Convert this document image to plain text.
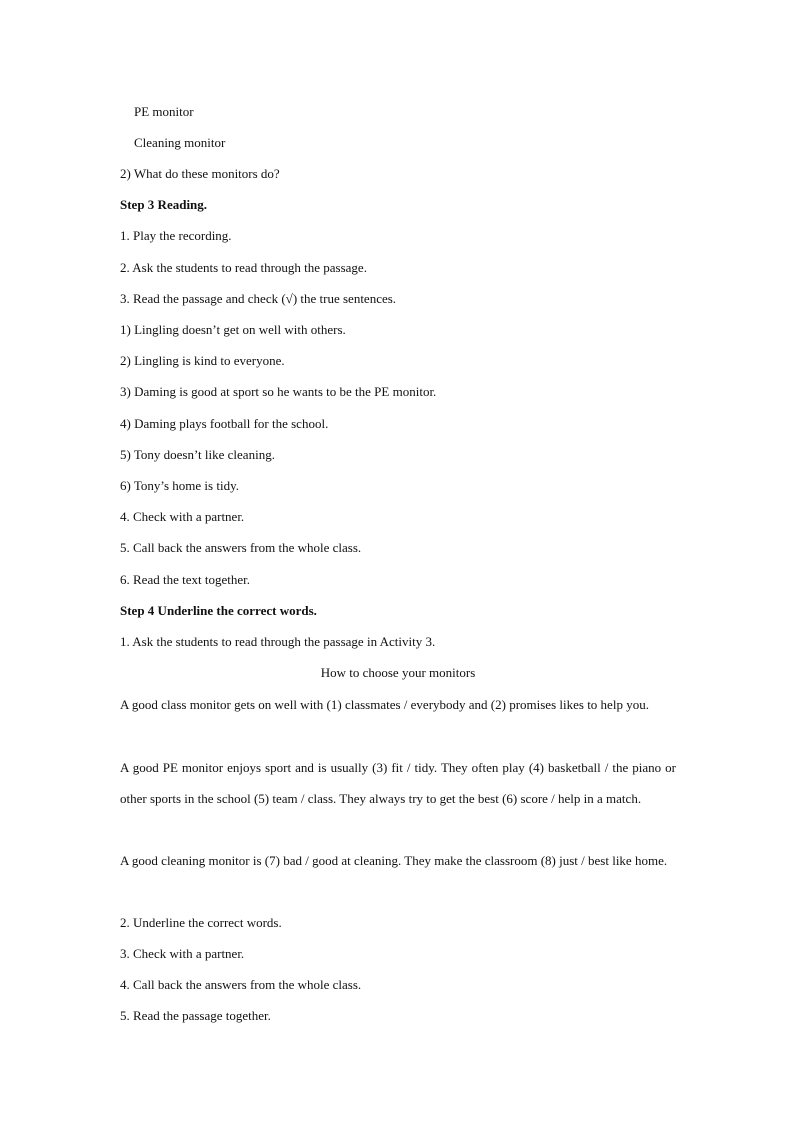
PE monitor
Cleaning monitor
2) What do these monitors do?
Step 3 Reading.
1. Play the recording.
2. Ask the students to read through the passage.
3. Read the passage and check (√) the true sentences.
1) Lingling doesn’t get on well with others.
2) Lingling is kind to everyone.
3) Daming is good at sport so he wants to be the PE monitor.
4) Daming plays football for the school.
5) Tony doesn’t like cleaning.
6) Tony’s home is tidy.
4. Check with a partner.
5. Call back the answers from the whole class.
6. Read the text together.
Step 4 Underline the correct words.
1. Ask the students to read through the passage in Activity 3.
How to choose your monitors
A good class monitor gets on well with (1) classmates / everybody and (2) promises likes to help you.
A good PE monitor enjoys sport and is usually (3) fit / tidy. They often play (4) basketball / the piano or other sports in the school (5) team / class. They always try to get the best (6) score / help in a match.
A good cleaning monitor is (7) bad / good at cleaning. They make the classroom (8) just / best like home.
2. Underline the correct words.
3. Check with a partner.
4. Call back the answers from the whole class.
5. Read the passage together.
